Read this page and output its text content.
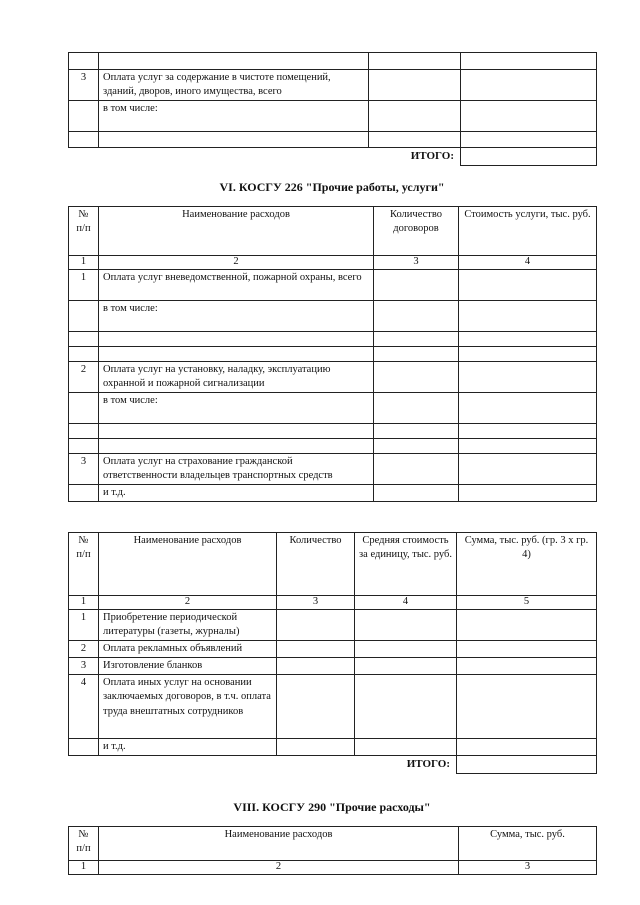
3	Оплата услуг за содержание в чистоте помещений, зданий, дворов, иного имущества, всего		
	в том числе:		

	ИТОГО:		
VI. КОСГУ 226 "Прочие работы, услуги"
№ п/п	Наименование расходов	Количество договоров	Стоимость услуги, тыс. руб.
1	2	3	4
1	Оплата услуг вневедомственной, пожарной охраны, всего		
	в том числе:		

2	Оплата услуг на установку, наладку, эксплуатацию охранной и пожарной сигнализации		
	в том числе:		

3	Оплата услуг на страхование гражданской ответственности владельцев транспортных средств		
	и т.д.		
№ п/п	Наименование расходов	Количество	Средняя стоимость за единицу, тыс. руб.	Сумма, тыс. руб. (гр. 3 х гр. 4)
1	2	3	4	5
1	Приобретение периодической литературы (газеты, журналы)			
2	Оплата рекламных объявлений			
3	Изготовление бланков			
4	Оплата иных услуг на основании заключаемых договоров, в т.ч. оплата труда внештатных сотрудников			
	и т.д.			
	ИТОГО:			
VIII. КОСГУ 290 "Прочие расходы"
№ п/п	Наименование расходов	Сумма, тыс. руб.
1	2	3
